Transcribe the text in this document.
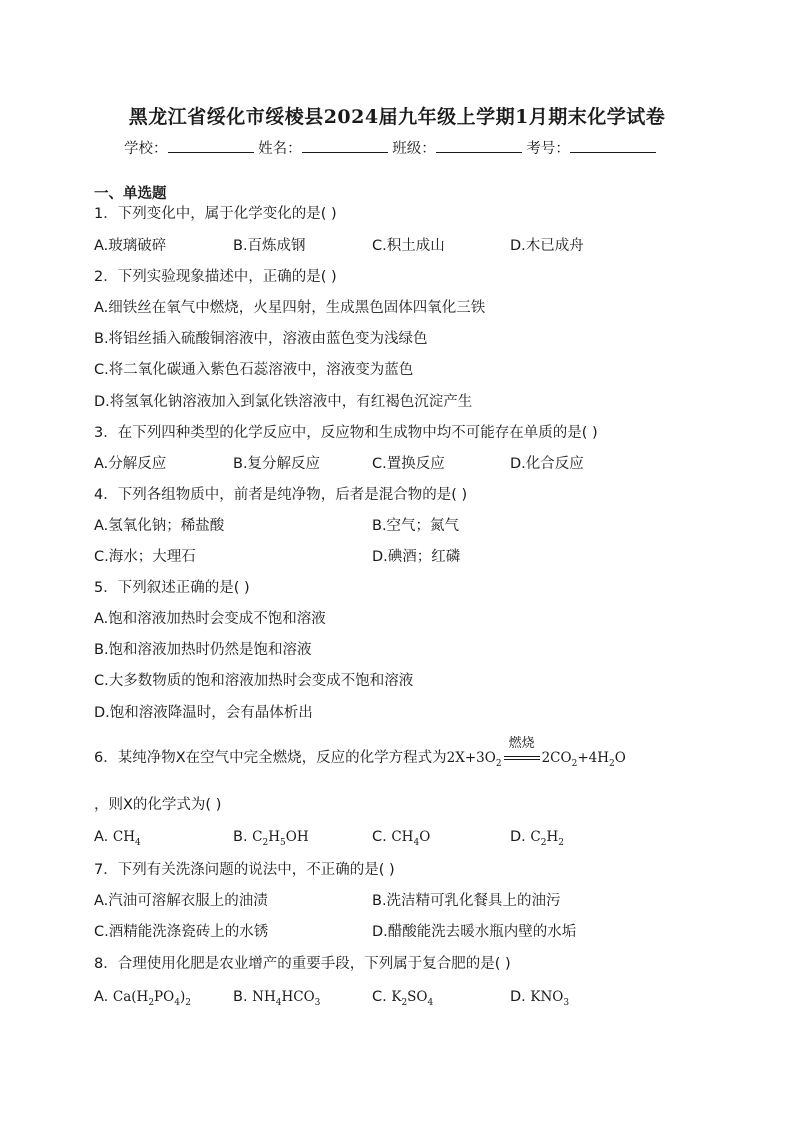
黑龙江省绥化市绥棱县2024届九年级上学期1月期末化学试卷
学校：	姓名：	班级：	考号：
一、单选题
1．下列变化中，属于化学变化的是( )
A.玻璃破碎	B.百炼成钢	C.积土成山	D.木已成舟
2．下列实验现象描述中，正确的是( )
A.细铁丝在氧气中燃烧，火星四射，生成黑色固体四氧化三铁
B.将铝丝插入硫酸铜溶液中，溶液由蓝色变为浅绿色
C.将二氧化碳通入紫色石蕊溶液中，溶液变为蓝色
D.将氢氧化钠溶液加入到氯化铁溶液中，有红褐色沉淀产生
3．在下列四种类型的化学反应中，反应物和生成物中均不可能存在单质的是( )
A.分解反应	B.复分解反应	C.置换反应	D.化合反应
4．下列各组物质中，前者是纯净物，后者是混合物的是( )
A.氢氧化钠；稀盐酸	B.空气；氮气
C.海水；大理石	D.碘酒；红磷
5．下列叙述正确的是( )
A.饱和溶液加热时会变成不饱和溶液
B.饱和溶液加热时仍然是饱和溶液
C.大多数物质的饱和溶液加热时会变成不饱和溶液
D.饱和溶液降温时，会有晶体析出
6．某纯净物X在空气中完全燃烧，反应的化学方程式为$2X+3O_2$
燃烧
$2CO_2+4H_2O$
，则X的化学式为( )
A. $CH_4$	B. $C_2H_5OH$	C. $CH_4O$	D. $C_2H_2$
7．下列有关洗涤问题的说法中，不正确的是( )
A.汽油可溶解衣服上的油渍	B.洗洁精可乳化餐具上的油污
C.酒精能洗涤瓷砖上的水锈	D.醋酸能洗去暖水瓶内壁的水垢
8．合理使用化肥是农业增产的重要手段，下列属于复合肥的是( )
A. $Ca(H_2PO_4)_2$	B. $NH_4HCO_3$	C. $K_2SO_4$	D. $KNO_3$
